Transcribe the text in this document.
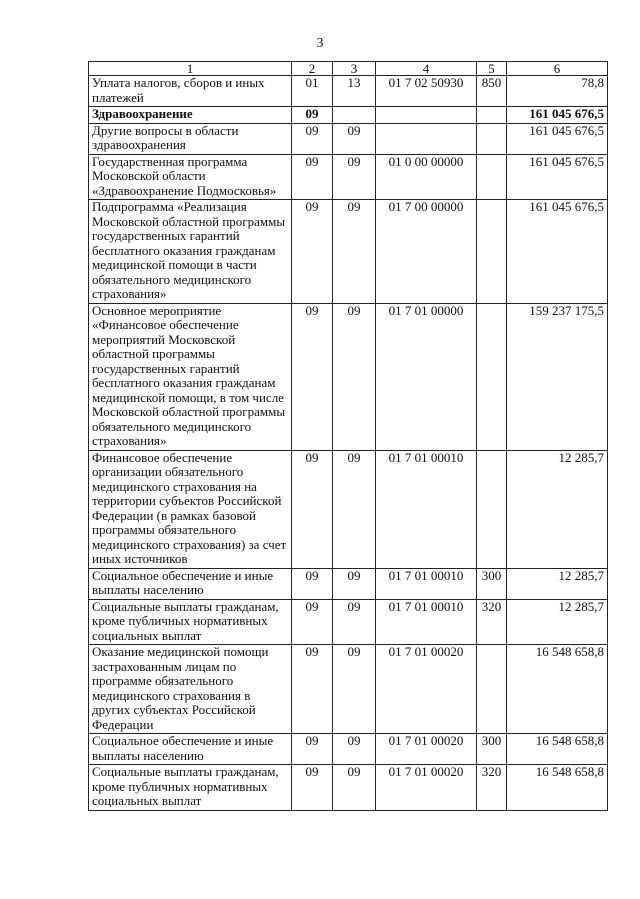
3
1	2	3	4	5	6
Уплата налогов, сборов и иных платежей	01	13	01 7 02 50930	850	78,8
Здравоохранение	09				161 045 676,5
Другие вопросы в области здравоохранения	09	09			161 045 676,5
Государственная программа Московской области «Здравоохранение Подмосковья»	09	09	01 0 00 00000		161 045 676,5
Подпрограмма «Реализация Московской областной программы государственных гарантий бесплатного оказания гражданам медицинской помощи в части обязательного медицинского страхования»	09	09	01 7 00 00000		161 045 676,5
Основное мероприятие «Финансовое обеспечение мероприятий Московской областной программы государственных гарантий бесплатного оказания гражданам медицинской помощи, в том числе Московской областной программы обязательного медицинского страхования»	09	09	01 7 01 00000		159 237 175,5
Финансовое обеспечение организации обязательного медицинского страхования на территории субъектов Российской Федерации (в рамках базовой программы обязательного медицинского страхования) за счет иных источников	09	09	01 7 01 00010		12 285,7
Социальное обеспечение и иные выплаты населению	09	09	01 7 01 00010	300	12 285,7
Социальные выплаты гражданам, кроме публичных нормативных социальных выплат	09	09	01 7 01 00010	320	12 285,7
Оказание медицинской помощи застрахованным лицам по программе обязательного медицинского страхования в других субъектах Российской Федерации	09	09	01 7 01 00020		16 548 658,8
Социальное обеспечение и иные выплаты населению	09	09	01 7 01 00020	300	16 548 658,8
Социальные выплаты гражданам, кроме публичных нормативных социальных выплат	09	09	01 7 01 00020	320	16 548 658,8
